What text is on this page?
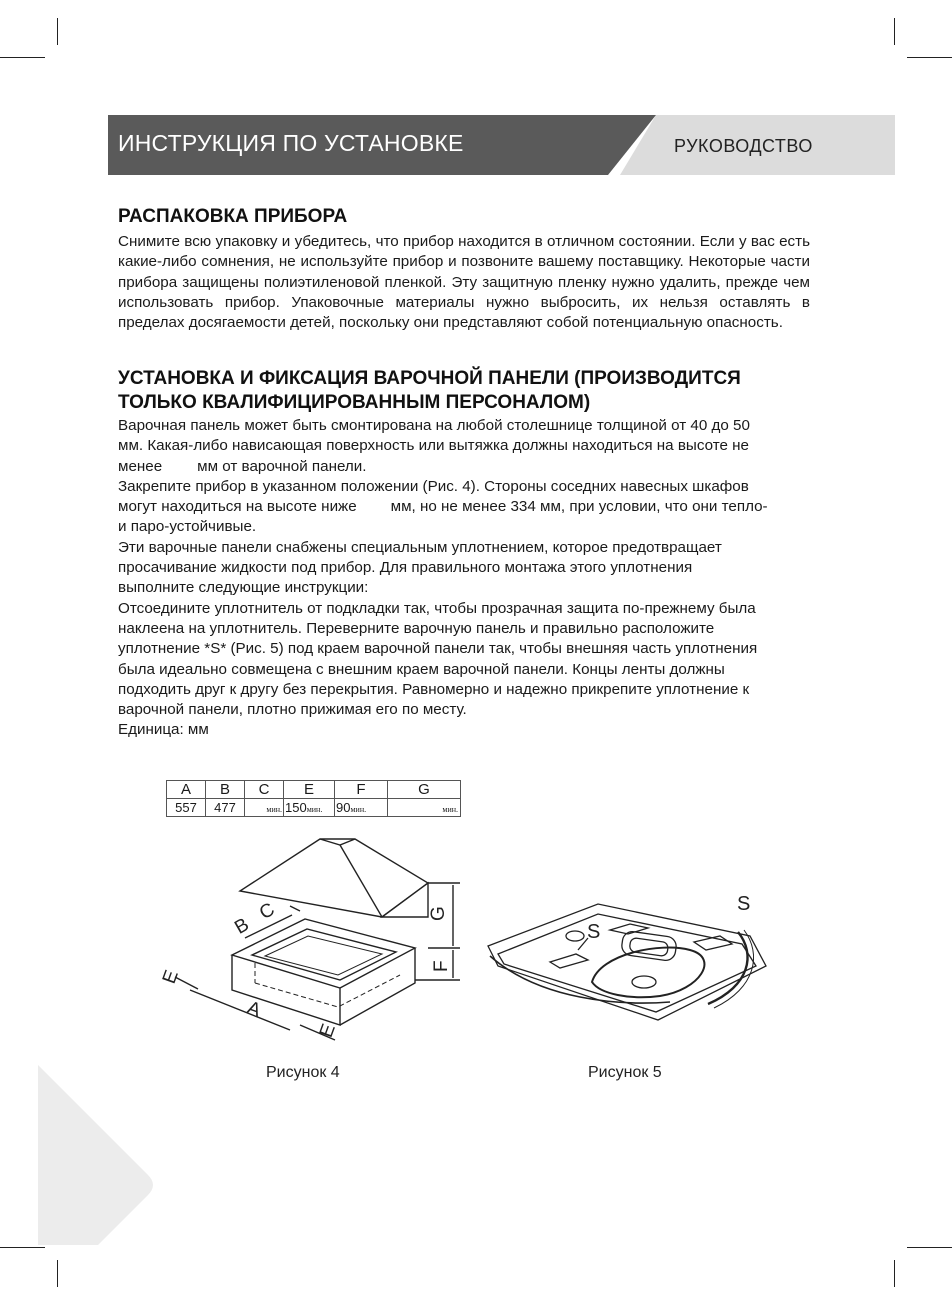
ИНСТРУКЦИЯ ПО УСТАНОВКЕ	РУКОВОДСТВО
РАСПАКОВКА ПРИБОРА

Снимите всю упаковку и убедитесь, что прибор находится в отличном состоянии. Если у вас есть какие-либо сомнения, не используйте прибор и позвоните вашему поставщику. Некоторые части прибора защищены полиэтиленовой пленкой. Эту защитную пленку нужно удалить, прежде чем использовать прибор. Упаковочные материалы нужно выбросить, их нельзя оставлять в пределах досягаемости детей, поскольку они представляют собой потенциальную опасность.

УСТАНОВКА И ФИКСАЦИЯ ВАРОЧНОЙ ПАНЕЛИ (ПРОИЗВОДИТСЯ
ТОЛЬКО КВАЛИФИЦИРОВАННЫМ ПЕРСОНАЛОМ)

Варочная панель может быть смонтирована на любой столешнице толщиной от 40 до 50

мм. Какая-либо нависающая поверхность или вытяжка должны находиться на высоте не

менее мм от варочной панели.

Закрепите прибор в указанном положении (Рис. 4). Стороны соседних навесных шкафов

могут находиться на высоте ниже мм, но не менее 334 мм, при условии, что они тепло-

и паро-устойчивые.

Эти варочные панели снабжены специальным уплотнением, которое предотвращает

просачивание жидкости под прибор. Для правильного монтажа этого уплотнения

выполните следующие инструкции:

Отсоедините уплотнитель от подкладки так, чтобы прозрачная защита по-прежнему была

наклеена на уплотнитель. Переверните варочную панель и правильно расположите

уплотнение *S* (Рис. 5) под краем варочной панели так, чтобы внешняя часть уплотнения

была идеально совмещена с внешним краем варочной панели. Концы ленты должны

подходить друг к другу без перекрытия. Равномерно и надежно прикрепите уплотнение к

варочной панели, плотно прижимая его по месту.

Единица: мм

A	B	C	E	F	G
557	477	мин.	150мин.	90мин.	мин.
G
F
B
C
A
E
E
S
S
Рисунок 4	Рисунок 5
